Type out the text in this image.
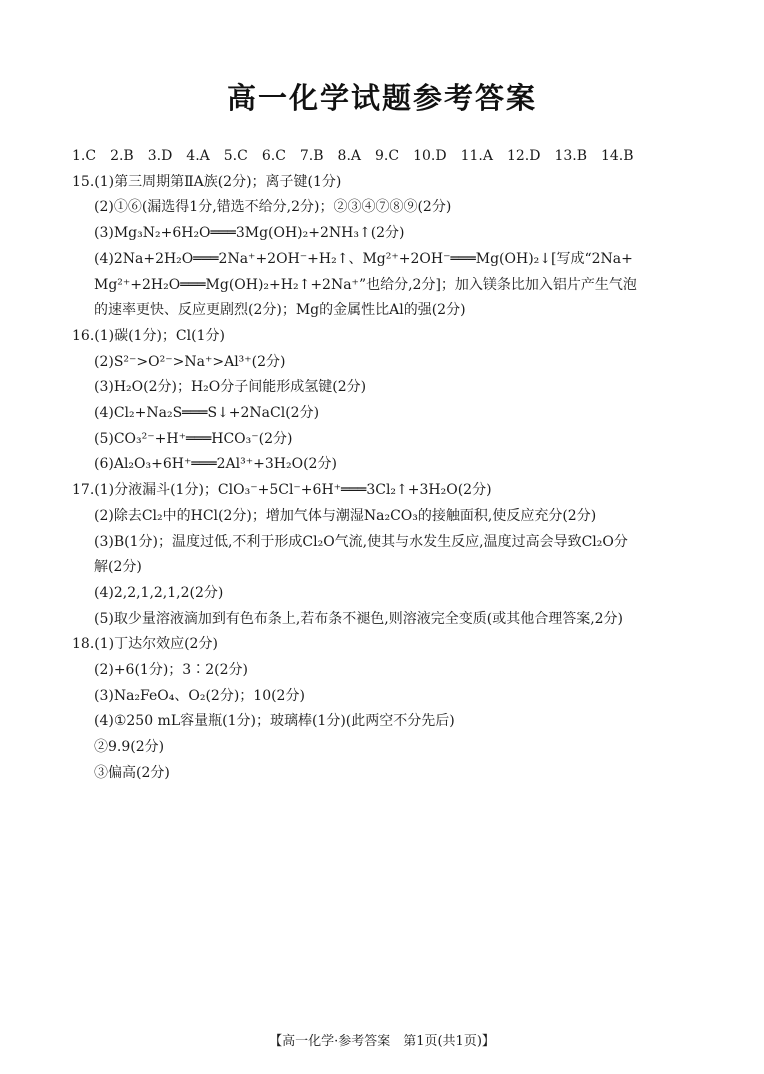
高一化学试题参考答案
1.C　2.B　3.D　4.A　5.C　6.C　7.B　8.A　9.C　10.D　11.A　12.D　13.B　14.B
15.(1)第三周期第ⅡA族(2分)；离子键(1分)
(2)①⑥(漏选得1分,错选不给分,2分)；②③④⑦⑧⑨(2分)
(3)Mg₃N₂+6H₂O═══3Mg(OH)₂+2NH₃↑(2分)
(4)2Na+2H₂O═══2Na⁺+2OH⁻+H₂↑、Mg²⁺+2OH⁻═══Mg(OH)₂↓[写成“2Na+
Mg²⁺+2H₂O═══Mg(OH)₂+H₂↑+2Na⁺”也给分,2分]；加入镁条比加入铝片产生气泡
的速率更快、反应更剧烈(2分)；Mg的金属性比Al的强(2分)
16.(1)碳(1分)；Cl(1分)
(2)S²⁻>O²⁻>Na⁺>Al³⁺(2分)
(3)H₂O(2分)；H₂O分子间能形成氢键(2分)
(4)Cl₂+Na₂S═══S↓+2NaCl(2分)
(5)CO₃²⁻+H⁺═══HCO₃⁻(2分)
(6)Al₂O₃+6H⁺═══2Al³⁺+3H₂O(2分)
17.(1)分液漏斗(1分)；ClO₃⁻+5Cl⁻+6H⁺═══3Cl₂↑+3H₂O(2分)
(2)除去Cl₂中的HCl(2分)；增加气体与潮湿Na₂CO₃的接触面积,使反应充分(2分)
(3)B(1分)；温度过低,不利于形成Cl₂O气流,使其与水发生反应,温度过高会导致Cl₂O分
解(2分)
(4)2,2,1,2,1,2(2分)
(5)取少量溶液滴加到有色布条上,若布条不褪色,则溶液完全变质(或其他合理答案,2分)
18.(1)丁达尔效应(2分)
(2)+6(1分)；3∶2(2分)
(3)Na₂FeO₄、O₂(2分)；10(2分)
(4)①250 mL容量瓶(1分)；玻璃棒(1分)(此两空不分先后)
②9.9(2分)
③偏高(2分)
【高一化学·参考答案　第1页(共1页)】
